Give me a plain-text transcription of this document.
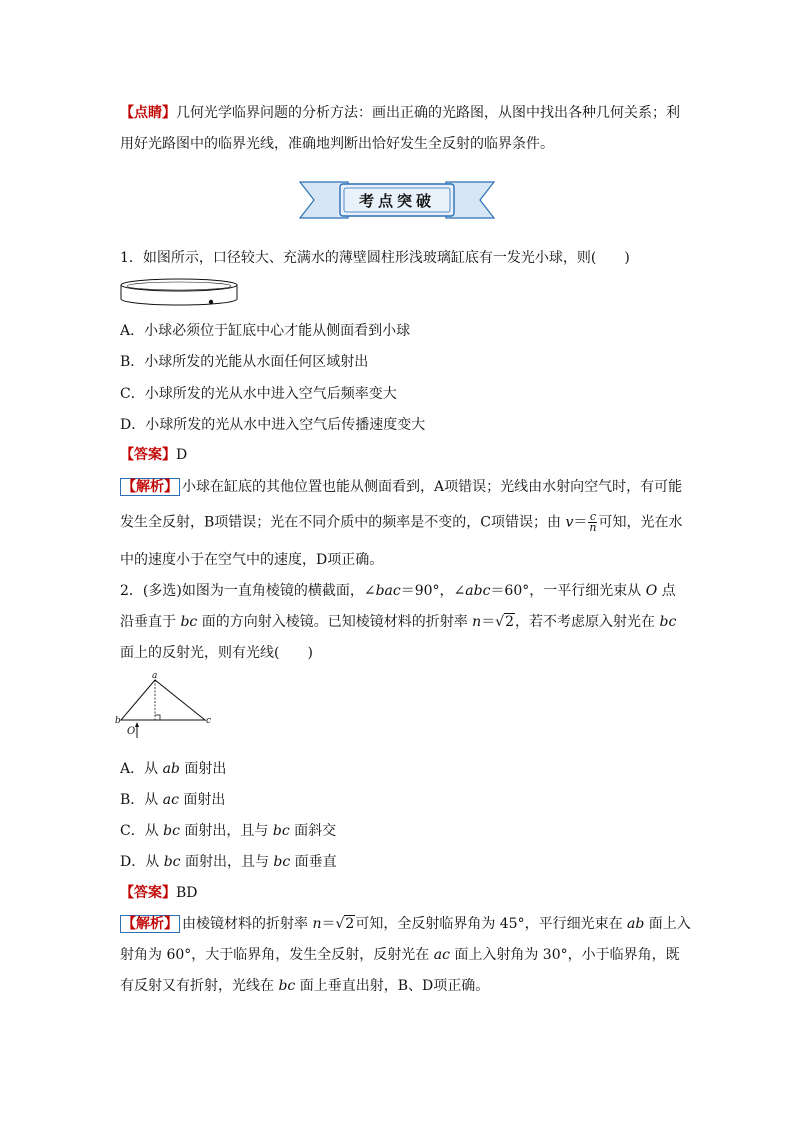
【点睛】几何光学临界问题的分析方法：画出正确的光路图，从图中找出各种几何关系；利
用好光路图中的临界光线，准确地判断出恰好发生全反射的临界条件。
考点突破
1．如图所示，口径较大、充满水的薄壁圆柱形浅玻璃缸底有一发光小球，则(　　)
A．小球必须位于缸底中心才能从侧面看到小球
B．小球所发的光能从水面任何区域射出
C．小球所发的光从水中进入空气后频率变大
D．小球所发的光从水中进入空气后传播速度变大
【答案】D
【解析】 小球在缸底的其他位置也能从侧面看到，A项错误；光线由水射向空气时，有可能
发生全反射，B项错误；光在不同介质中的频率是不变的，C项错误；由 $v= \frac{c}{n}$ 可知，光在水
中的速度小于在空气中的速度，D项正确。
2．(多选)如图为一直角棱镜的横截面，∠bac＝90°，∠abc＝60°，一平行细光束从 O 点
沿垂直于 bc 面的方向射入棱镜。已知棱镜材料的折射率 n＝√2，若不考虑原入射光在 bc
面上的反射光，则有光线(　　)
a
b	c
O
A．从 ab 面射出
B．从 ac 面射出
C．从 bc 面射出，且与 bc 面斜交
D．从 bc 面射出，且与 bc 面垂直
【答案】BD
【解析】 由棱镜材料的折射率 n＝√2可知，全反射临界角为 45°，平行细光束在 ab 面上入
射角为 60°，大于临界角，发生全反射，反射光在 ac 面上入射角为 30°，小于临界角，既
有反射又有折射，光线在 bc 面上垂直出射，B、D项正确。
